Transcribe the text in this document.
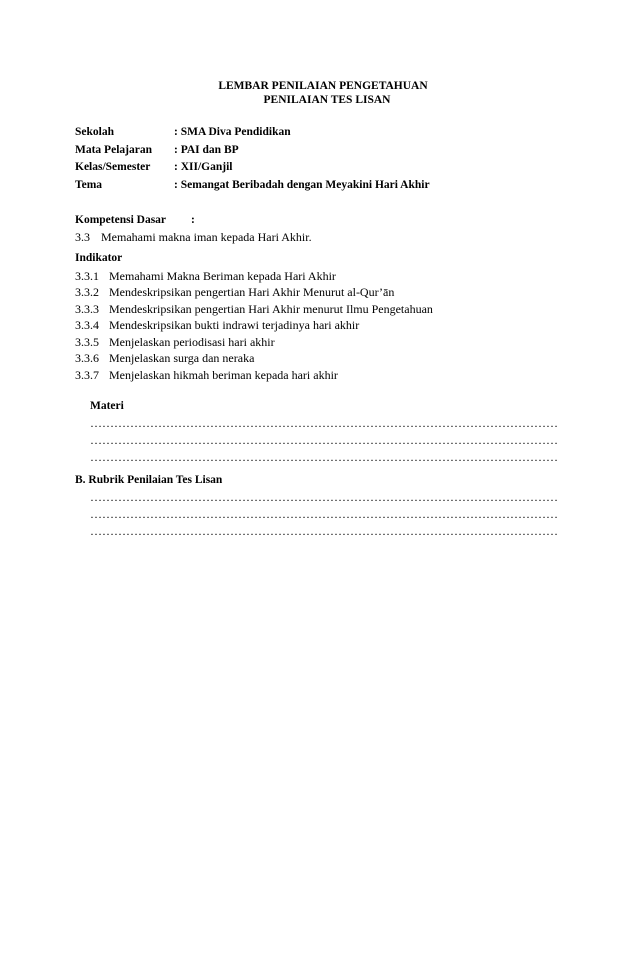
LEMBAR PENILAIAN PENGETAHUAN
PENILAIAN TES LISAN
Sekolah	: SMA Diva Pendidikan
Mata Pelajaran : PAI dan BP
Kelas/Semester : XII/Ganjil
Tema	: Semangat Beribadah dengan Meyakini Hari Akhir
Kompetensi Dasar :
3.3 Memahami makna iman kepada Hari Akhir.
Indikator
3.3.1 Memahami Makna Beriman kepada Hari Akhir
3.3.2 Mendeskripsikan pengertian Hari Akhir Menurut al-Qur’ān
3.3.3 Mendeskripsikan pengertian Hari Akhir menurut Ilmu Pengetahuan
3.3.4 Mendeskripsikan bukti indrawi terjadinya hari akhir
3.3.5 Menjelaskan periodisasi hari akhir
3.3.6 Menjelaskan surga dan neraka
3.3.7 Menjelaskan hikmah beriman kepada hari akhir
Materi
………………………………………………………………………………………………………
………………………………………………………………………………………………………
………………………………………………………………………………………………………
B. Rubrik Penilaian Tes Lisan
………………………………………………………………………………………………………
………………………………………………………………………………………………………
………………………………………………………………………………………………………
